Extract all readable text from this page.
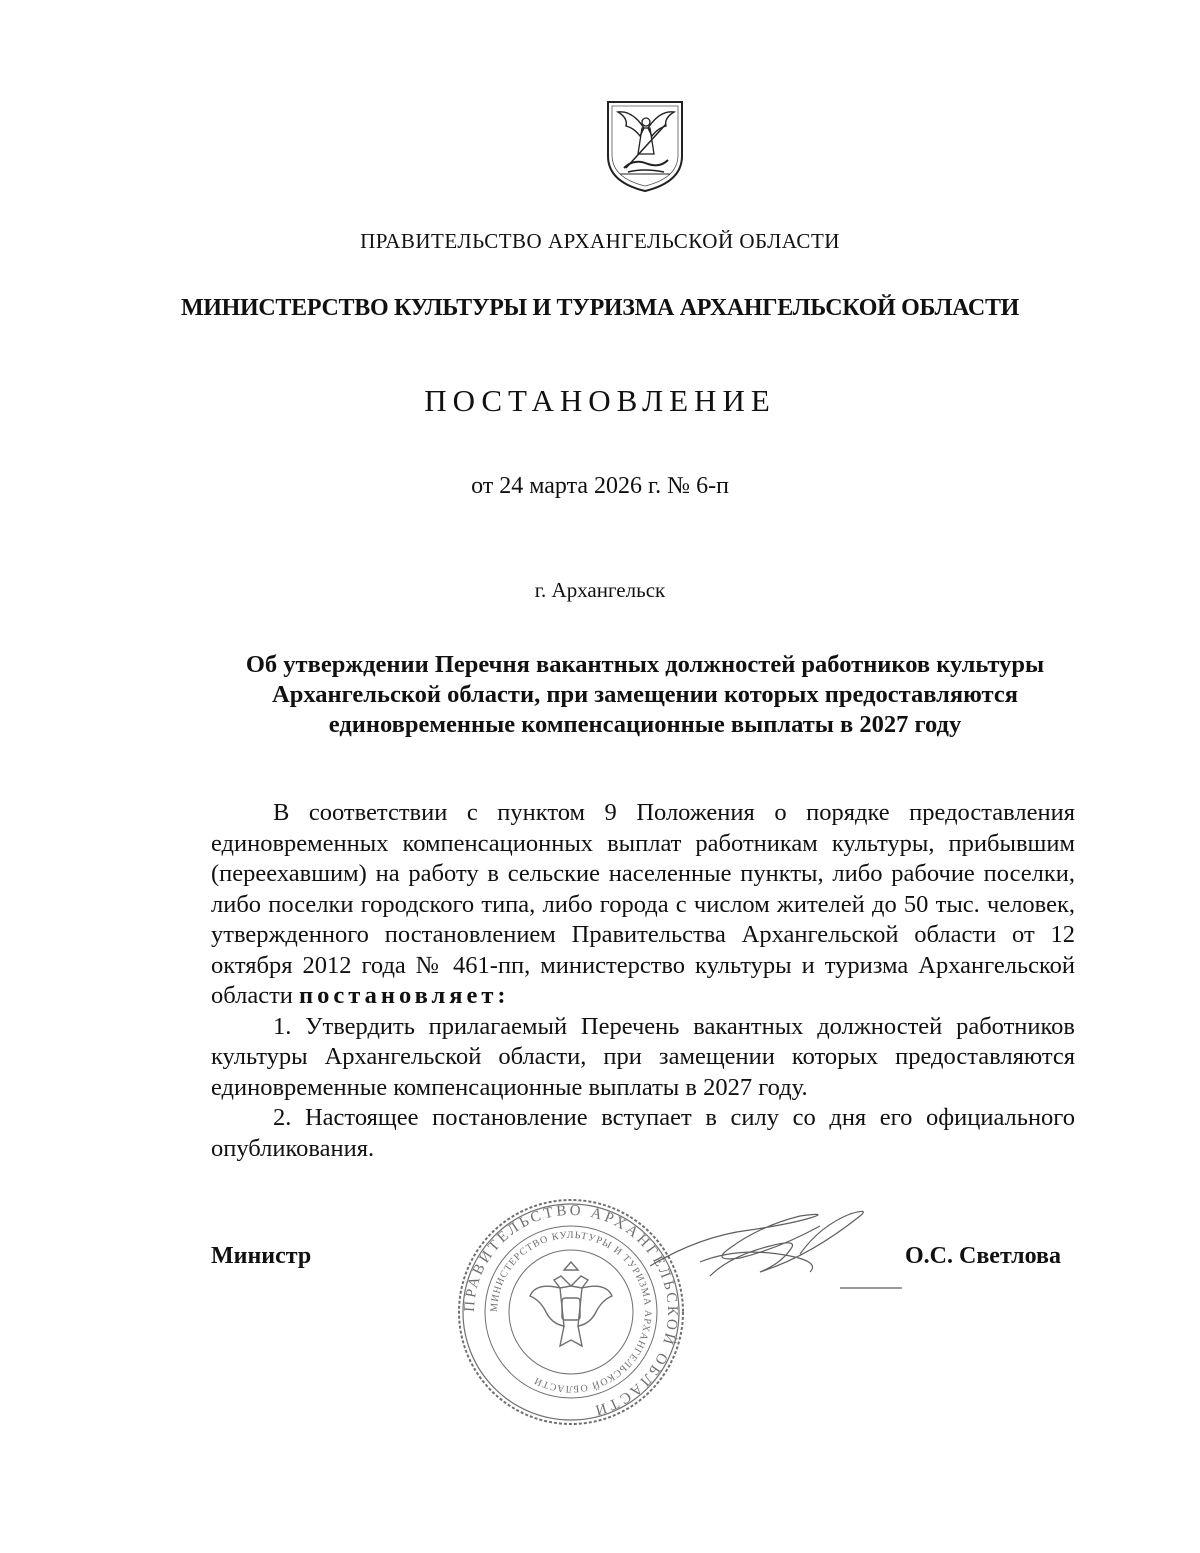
ПРАВИТЕЛЬСТВО АРХАНГЕЛЬСКОЙ ОБЛАСТИ
МИНИСТЕРСТВО КУЛЬТУРЫ И ТУРИЗМА АРХАНГЕЛЬСКОЙ ОБЛАСТИ
ПОСТАНОВЛЕНИЕ
от 24 марта 2026 г. № 6-п
г. Архангельск
Об утверждении Перечня вакантных должностей работников культуры Архангельской области, при замещении которых предоставляются единовременные компенсационные выплаты в 2027 году

В соответствии с пунктом 9 Положения о порядке предоставления единовременных компенсационных выплат работникам культуры, прибывшим (переехавшим) на работу в сельские населенные пункты, либо рабочие поселки, либо поселки городского типа, либо города с числом жителей до 50 тыс. человек, утвержденного постановлением Правительства Архангельской области от 12 октября 2012 года № 461-пп, министерство культуры и туризма Архангельской области постановляет:

1. Утвердить прилагаемый Перечень вакантных должностей работников культуры Архангельской области, при замещении которых предоставляются единовременные компенсационные выплаты в 2027 году.

2. Настоящее постановление вступает в силу со дня его официального опубликования.

Министр
ПРАВИТЕЛЬСТВО АРХАНГЕЛЬСКОЙ ОБЛАСТИ
МИНИСТЕРСТВО КУЛЬТУРЫ И ТУРИЗМА АРХАНГЕЛЬСКОЙ ОБЛАСТИ
О.С. Светлова
